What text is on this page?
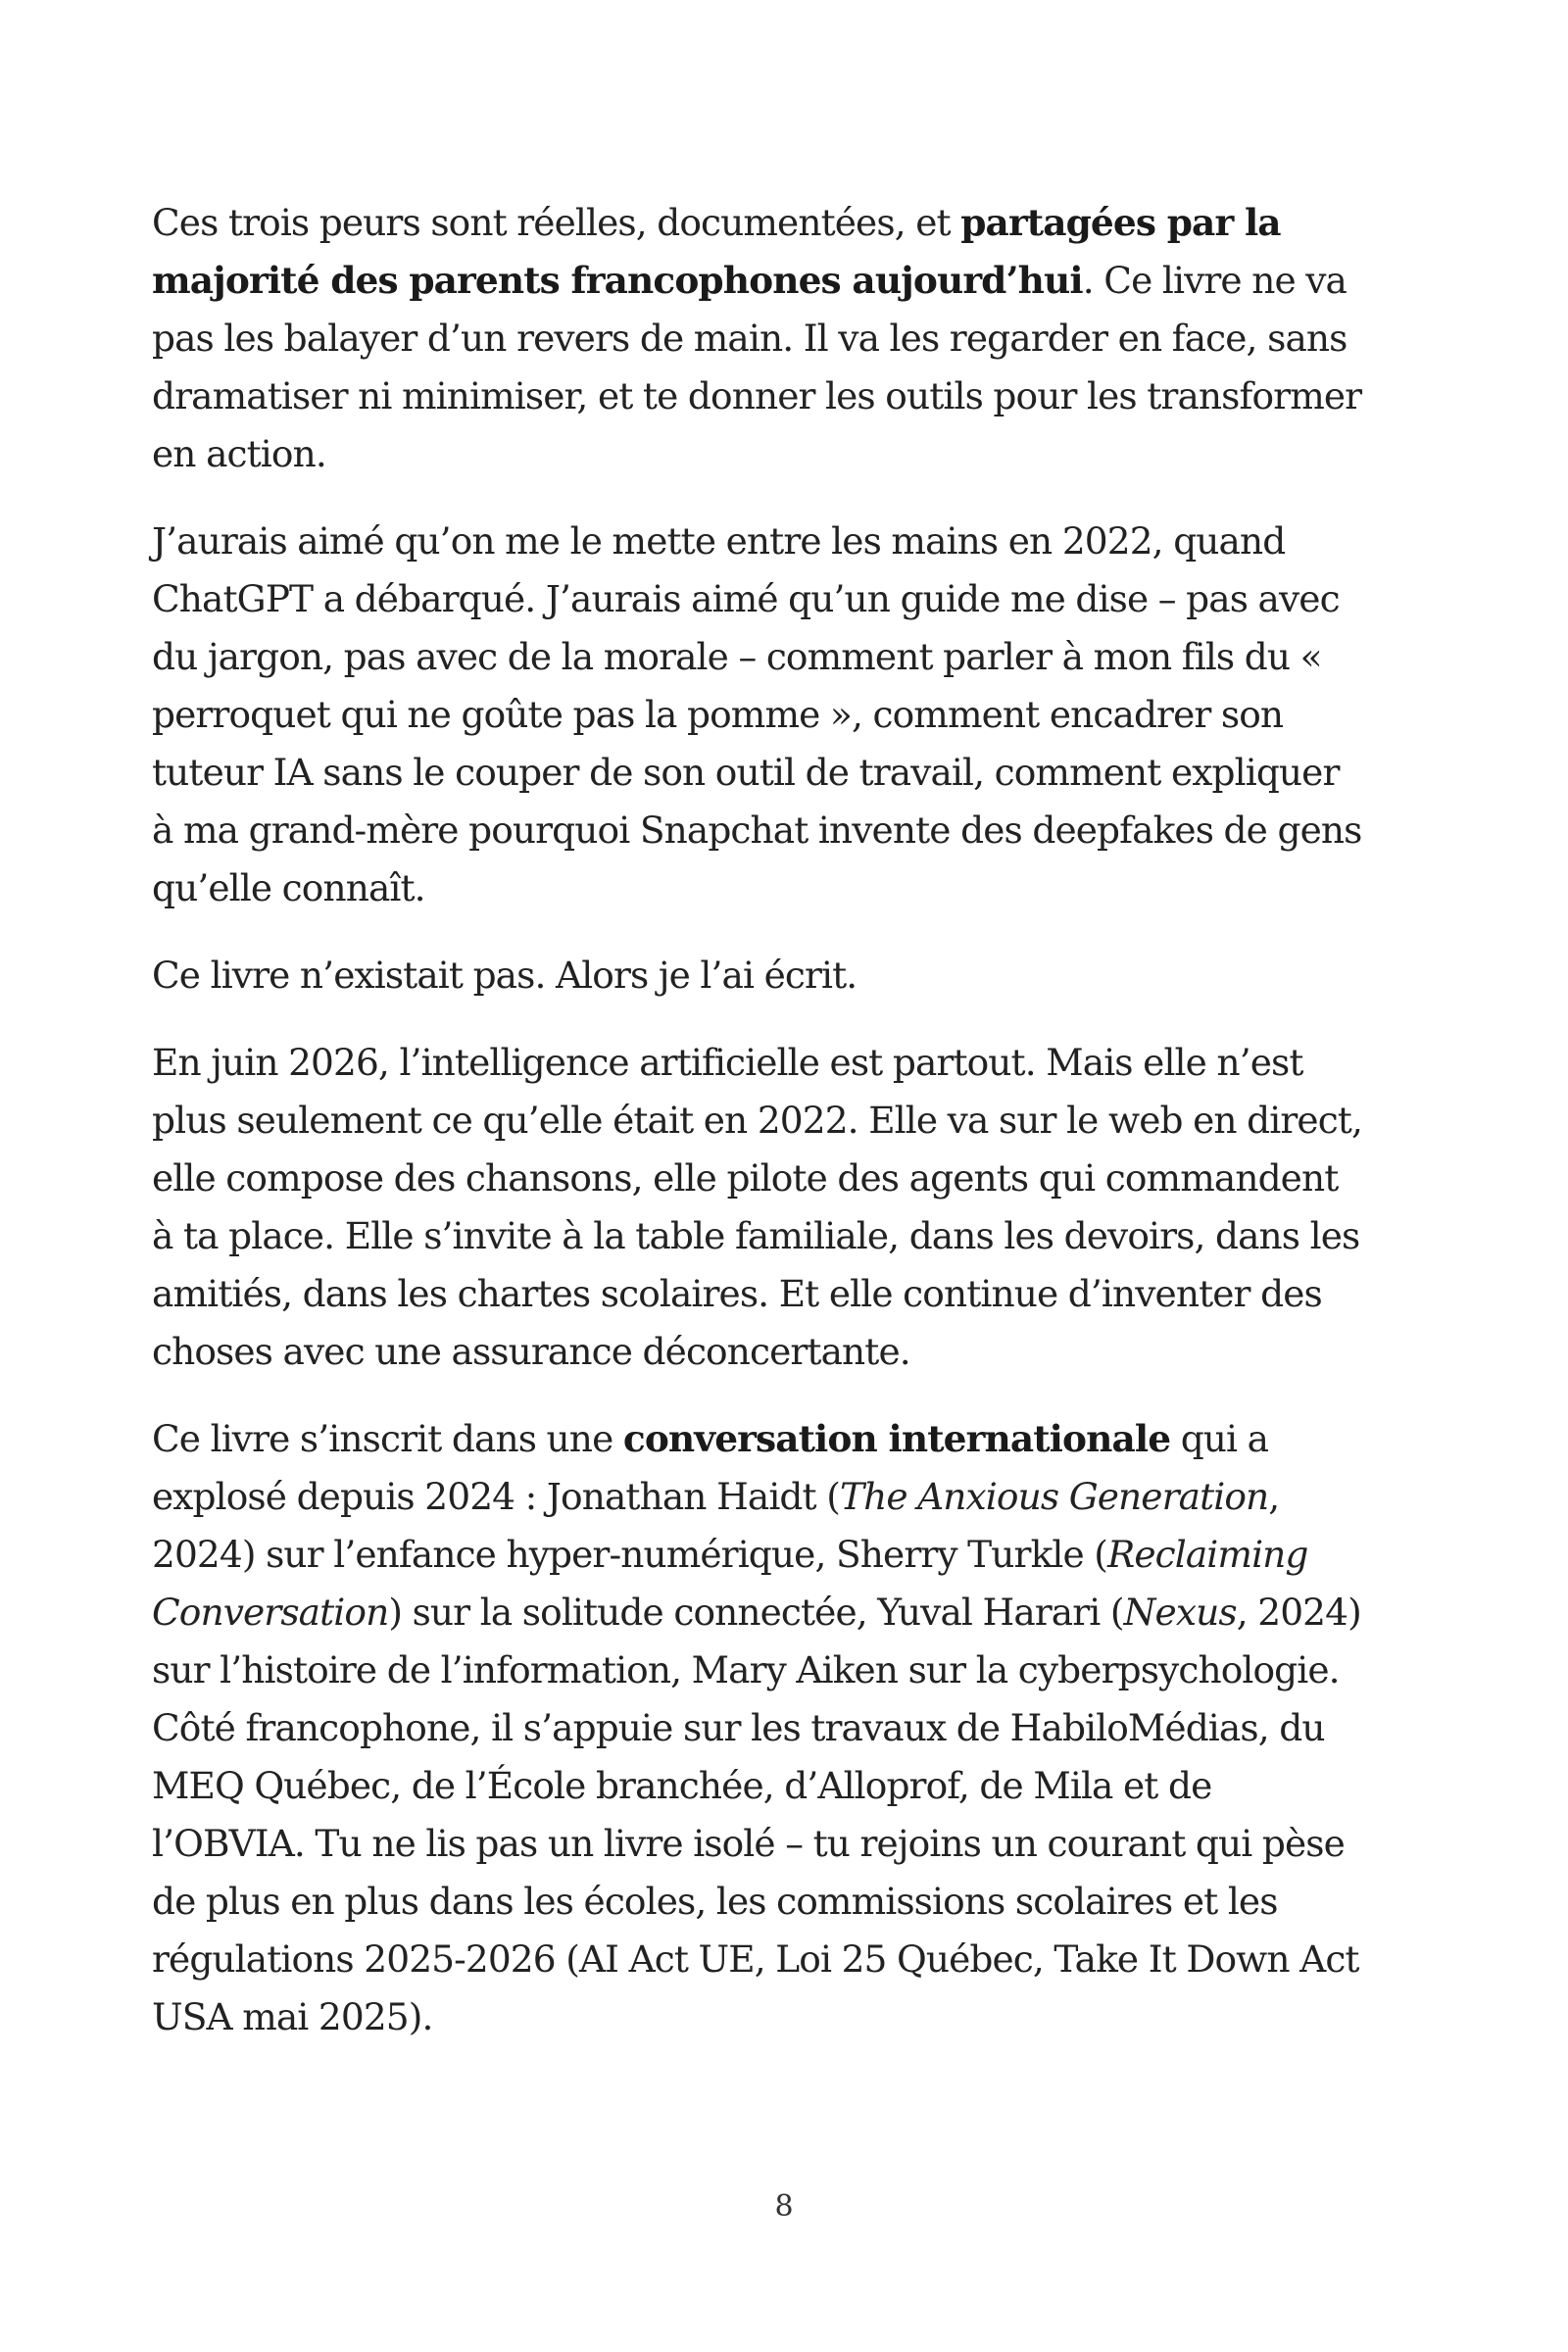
Ces trois peurs sont réelles, documentées, et partagées par la majorité des parents francophones aujourd’hui. Ce livre ne va pas les balayer d’un revers de main. Il va les regarder en face, sans dramatiser ni minimiser, et te donner les outils pour les transformer en action.

J’aurais aimé qu’on me le mette entre les mains en 2022, quand ChatGPT a débarqué. J’aurais aimé qu’un guide me dise – pas avec du jargon, pas avec de la morale – comment parler à mon fils du « perroquet qui ne goûte pas la pomme », comment encadrer son tuteur IA sans le couper de son outil de travail, comment expliquer à ma grand-mère pourquoi Snapchat invente des deepfakes de gens qu’elle connaît.

Ce livre n’existait pas. Alors je l’ai écrit.

En juin 2026, l’intelligence artificielle est partout. Mais elle n’est plus seulement ce qu’elle était en 2022. Elle va sur le web en direct, elle compose des chansons, elle pilote des agents qui commandent à ta place. Elle s’invite à la table familiale, dans les devoirs, dans les amitiés, dans les chartes scolaires. Et elle continue d’inventer des choses avec une assurance déconcertante.

Ce livre s’inscrit dans une conversation internationale qui a explosé depuis 2024 : Jonathan Haidt (The Anxious Generation, 2024) sur l’enfance hyper-numérique, Sherry Turkle (Reclaiming Conversation) sur la solitude connectée, Yuval Harari (Nexus, 2024) sur l’histoire de l’information, Mary Aiken sur la cyberpsychologie. Côté francophone, il s’appuie sur les travaux de HabiloMédias, du MEQ Québec, de l’École branchée, d’Alloprof, de Mila et de l’OBVIA. Tu ne lis pas un livre isolé – tu rejoins un courant qui pèse de plus en plus dans les écoles, les commissions scolaires et les régulations 2025-2026 (AI Act UE, Loi 25 Québec, Take It Down Act USA mai 2025).

8
